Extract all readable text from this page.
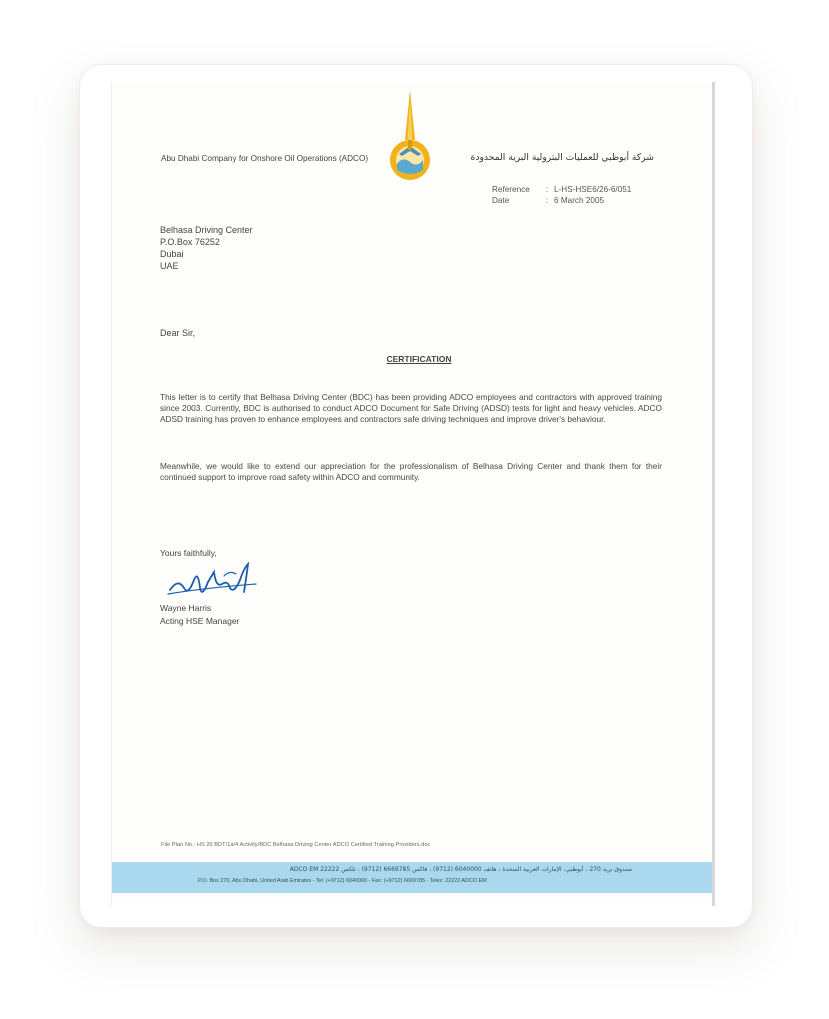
Abu Dhabi Company for Onshore Oil Operations (ADCO)	شركة أبوظبي للعمليات البترولية البرية المحدودة
Reference : L-HS-HSE6/26-6/051
Date	: 6 March 2005
Belhasa Driving Center
P.O.Box 76252
Dubai
UAE
Dear Sir,
CERTIFICATION
This letter is to certify that Belhasa Driving Center (BDC) has been providing ADCO employees and contractors with approved training since 2003. Currently, BDC is authorised to conduct ADCO Document for Safe Driving (ADSD) tests for light and heavy vehicles. ADCO ADSD training has proven to enhance employees and contractors safe driving techniques and improve driver's behaviour.
Meanwhile, we would like to extend our appreciation for the professionalism of Belhasa Driving Center and thank them for their continued support to improve road safety within ADCO and community.
Yours faithfully,
Wayne Harris
Acting HSE Manager
File Plan No.: HS 20 BDT/1a/4 Activity/BDC Belhasa Driving Center ADCO Certified Training Providers.doc
صندوق بريد 270 ، أبوظبي، الإمارات العربية المتحدة ، هاتف 6040000 (9712) ، فاكس 6669785 (9712) ، تلكس 22222 ADCO EM
P.O. Box 270, Abu Dhabi, United Arab Emirates - Tel: (+9712) 6040000 - Fax: (+9712) 6669785 - Telex: 22222 ADCO EM
